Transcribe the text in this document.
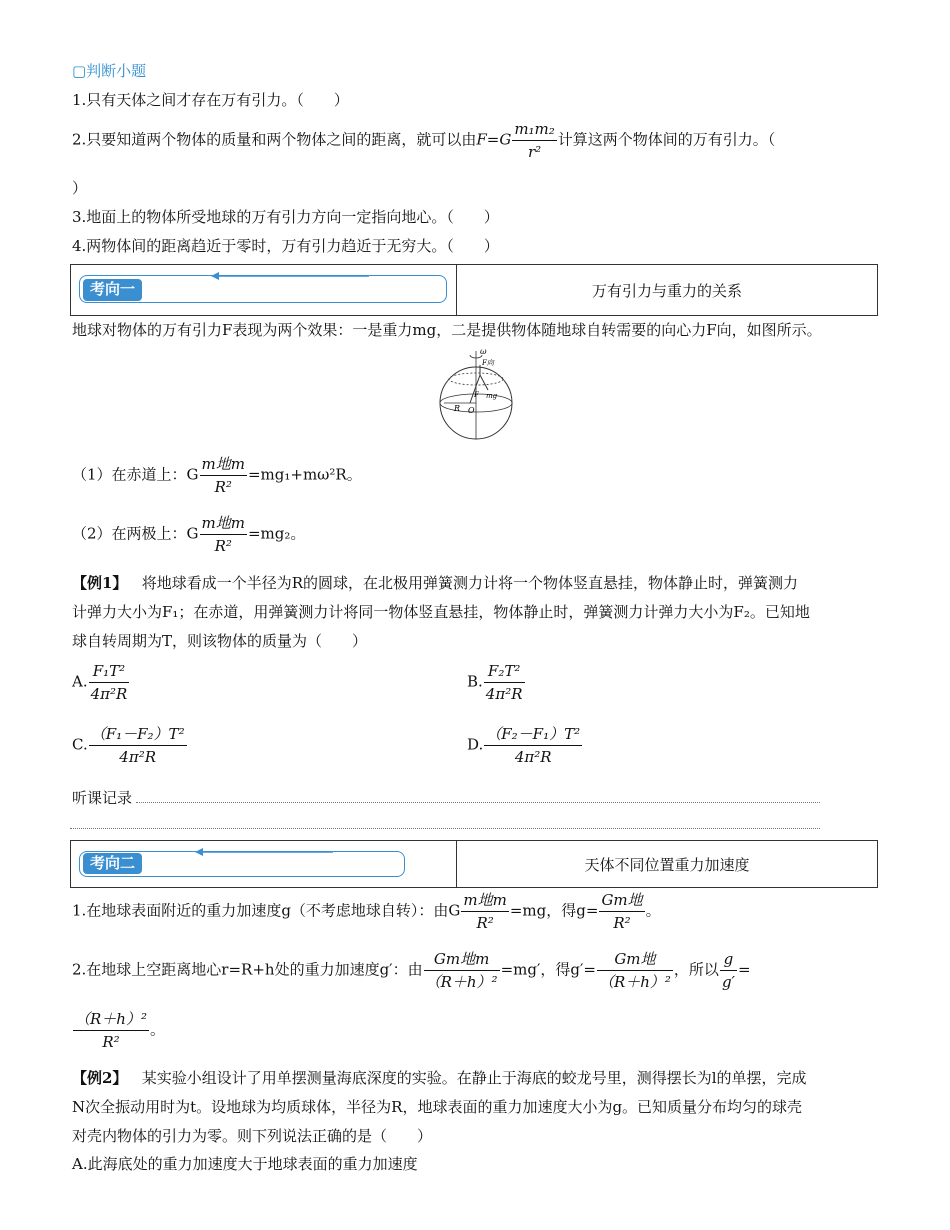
▢判断小题
1.只有天体之间才存在万有引力。（　　）
2.只要知道两个物体的质量和两个物体之间的距离，就可以由$F=G \frac{\text{m₁m₂}}{\text{r²}}$ 计算这两个物体间的万有引力。（
）
3.地面上的物体所受地球的万有引力方向一定指向地心。（　　）
4.两物体间的距离趋近于零时，万有引力趋近于无穷大。（　　）
考向一	万有引力与重力的关系
地球对物体的万有引力F表现为两个效果：一是重力mg，二是提供物体随地球自转需要的向心力F向，如图所示。
ω
F向
F mg
R O
（1）在赤道上：G $\frac{\text{m地m}}{\text{R²}} =mg_1+m\omega^2R$。
（2）在两极上：G $\frac{\text{m地m}}{\text{R²}} =mg_2$。
【例1】 将地球看成一个半径为R的圆球，在北极用弹簧测力计将一个物体竖直悬挂，物体静止时，弹簧测力
计弹力大小为F₁；在赤道，用弹簧测力计将同一物体竖直悬挂，物体静止时，弹簧测力计弹力大小为F₂。已知地
球自转周期为T，则该物体的质量为（　　）
A. $\frac{\text{F₁T²}}{\text{4π²R}}$	B. $\frac{\text{F₂T²}}{\text{4π²R}}$
C. $\frac{\text{（F₁－F₂）T²}}{\text{4π²R}}$	D. $\frac{\text{（F₂－F₁）T²}}{\text{4π²R}}$
听课记录
考向二	天体不同位置重力加速度
1.在地球表面附近的重力加速度g（不考虑地球自转）：由G $\frac{\text{m地m}}{\text{R²}} =mg$，得$g= \frac{\text{Gm地}}{\text{R²}}$ 。
2.在地球上空距离地心r=R+h处的重力加速度g′：由 $\frac{\text{Gm地m}}{\text{（R＋h）²}} =mg'$，得$g'= \frac{\text{Gm地}}{\text{（R＋h）²}}$ ，所以 $\frac{g}{g'}$ =
$\frac{\text{（R＋h）²}}{\text{R²}}$ 。
【例2】 某实验小组设计了用单摆测量海底深度的实验。在静止于海底的蛟龙号里，测得摆长为l的单摆，完成
N次全振动用时为t。设地球为均质球体，半径为R，地球表面的重力加速度大小为g。已知质量分布均匀的球壳
对壳内物体的引力为零。则下列说法正确的是（　　）
A.此海底处的重力加速度大于地球表面的重力加速度
